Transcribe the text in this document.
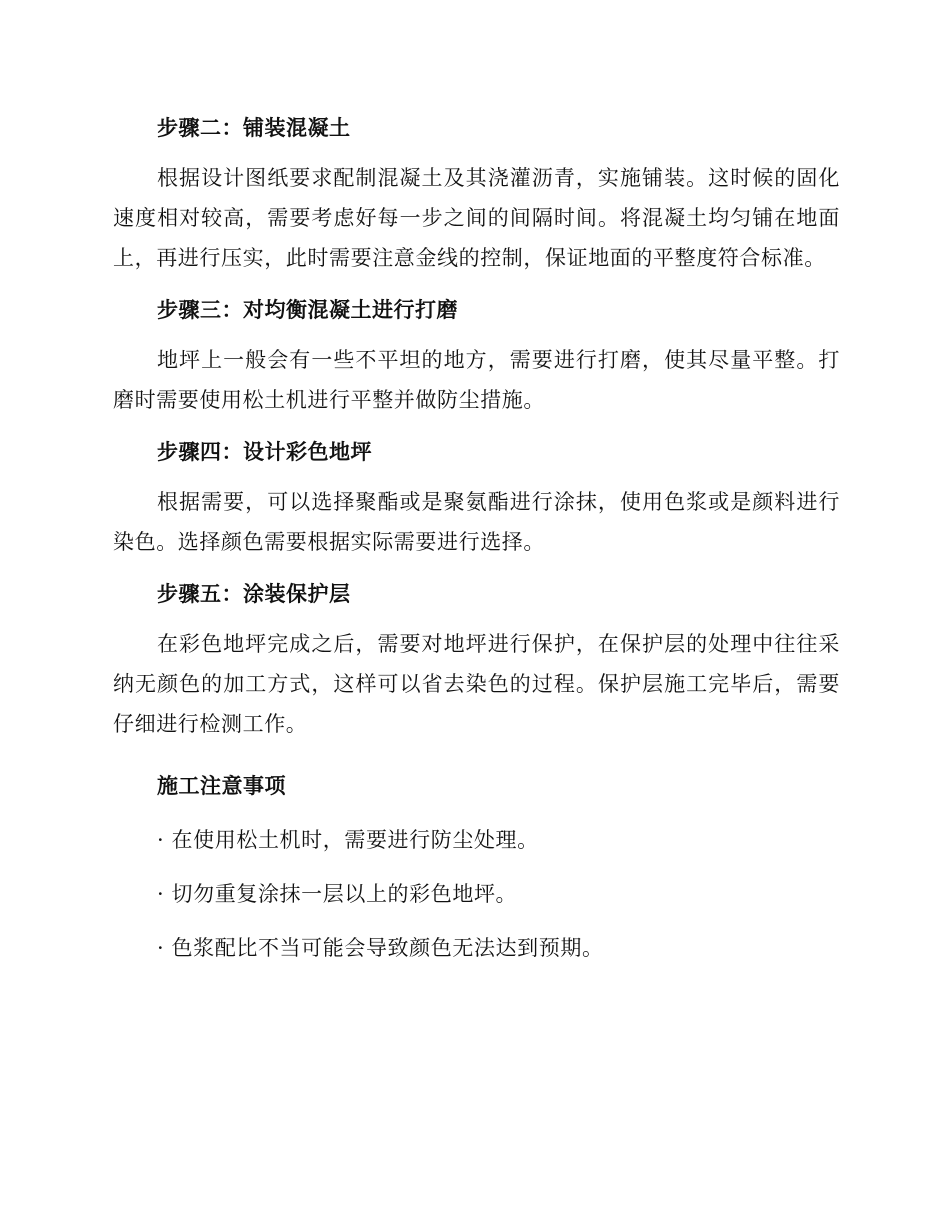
步骤二：铺装混凝土

根据设计图纸要求配制混凝土及其浇灌沥青，实施铺装。这时候的固化速度相对较高，需要考虑好每一步之间的间隔时间。将混凝土均匀铺在地面上，再进行压实，此时需要注意金线的控制，保证地面的平整度符合标准。

步骤三：对均衡混凝土进行打磨

地坪上一般会有一些不平坦的地方，需要进行打磨，使其尽量平整。打磨时需要使用松土机进行平整并做防尘措施。

步骤四：设计彩色地坪

根据需要，可以选择聚酯或是聚氨酯进行涂抹，使用色浆或是颜料进行染色。选择颜色需要根据实际需要进行选择。

步骤五：涂装保护层

在彩色地坪完成之后，需要对地坪进行保护，在保护层的处理中往往采纳无颜色的加工方式，这样可以省去染色的过程。保护层施工完毕后，需要仔细进行检测工作。

施工注意事项

· 在使用松土机时，需要进行防尘处理。

· 切勿重复涂抹一层以上的彩色地坪。

· 色浆配比不当可能会导致颜色无法达到预期。
